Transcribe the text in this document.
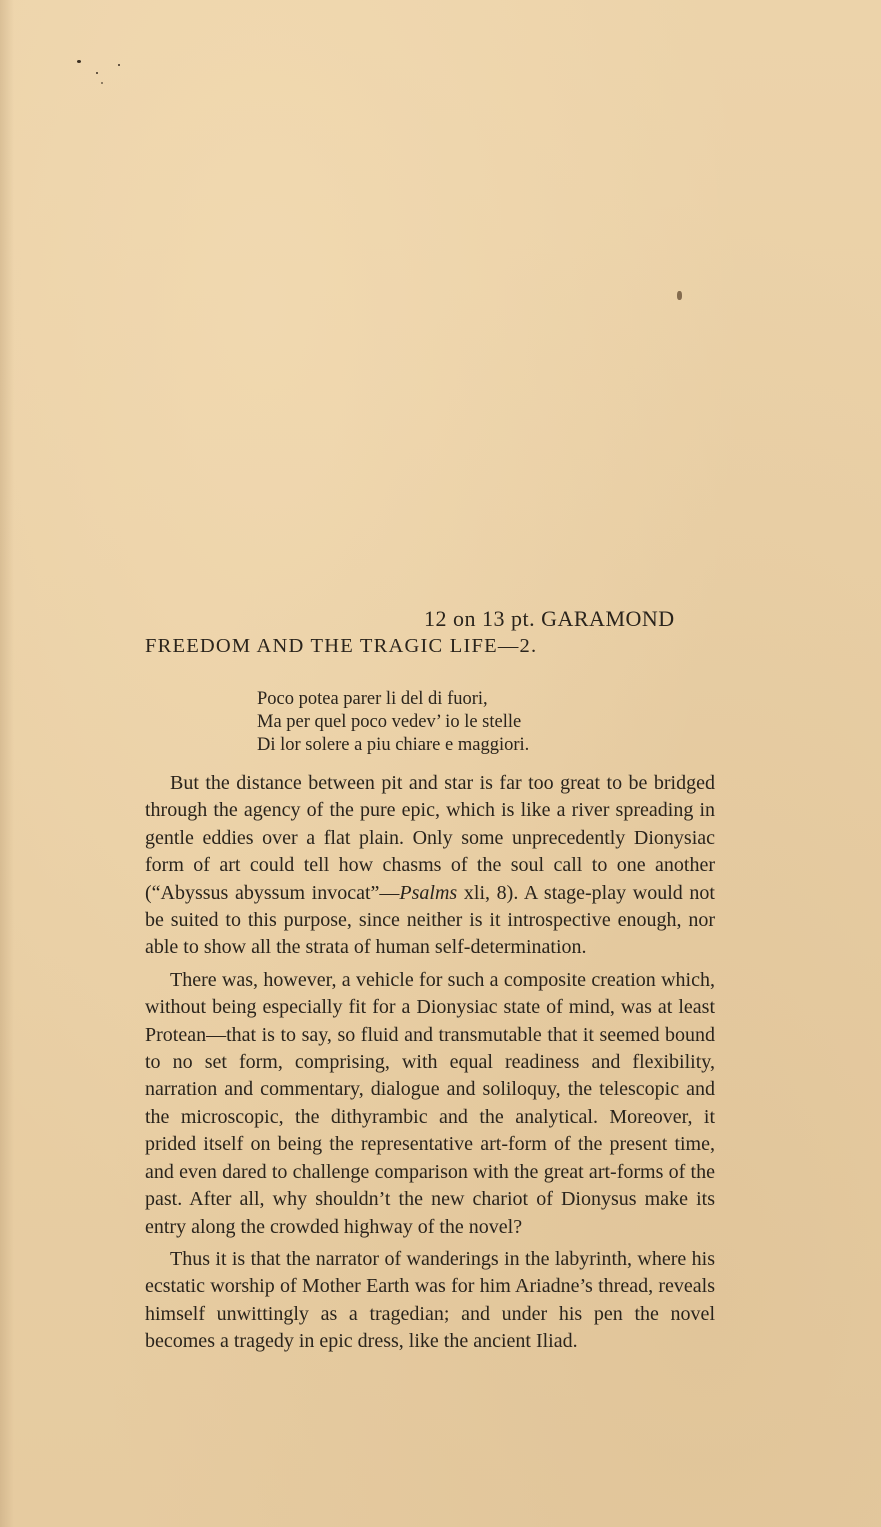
12 on 13 pt. GARAMOND
FREEDOM AND THE TRAGIC LIFE—2.
Poco potea parer li del di fuori,
Ma per quel poco vedev’ io le stelle
Di lor solere a piu chiare e maggiori.

But the distance between pit and star is far too great to be bridged through the agency of the pure epic, which is like a river spreading in gentle eddies over a flat plain. Only some unprecedently Dionysiac form of art could tell how chasms of the soul call to one another (“Abyssus abyssum invocat”—Psalms xli, 8). A stage-play would not be suited to this purpose, since neither is it introspective enough, nor able to show all the strata of human self-determination.

There was, however, a vehicle for such a composite creation which, without being especially fit for a Dionysiac state of mind, was at least Protean—that is to say, so fluid and transmutable that it seemed bound to no set form, comprising, with equal readiness and flexibility, narration and commentary, dialogue and soliloquy, the telescopic and the microscopic, the dithyrambic and the analytical. Moreover, it prided itself on being the representative art-form of the present time, and even dared to challenge comparison with the great art-forms of the past. After all, why shouldn’t the new chariot of Dionysus make its entry along the crowded highway of the novel?

Thus it is that the narrator of wanderings in the labyrinth, where his ecstatic worship of Mother Earth was for him Ariadne’s thread, reveals himself unwittingly as a tragedian; and under his pen the novel becomes a tragedy in epic dress, like the ancient Iliad.
